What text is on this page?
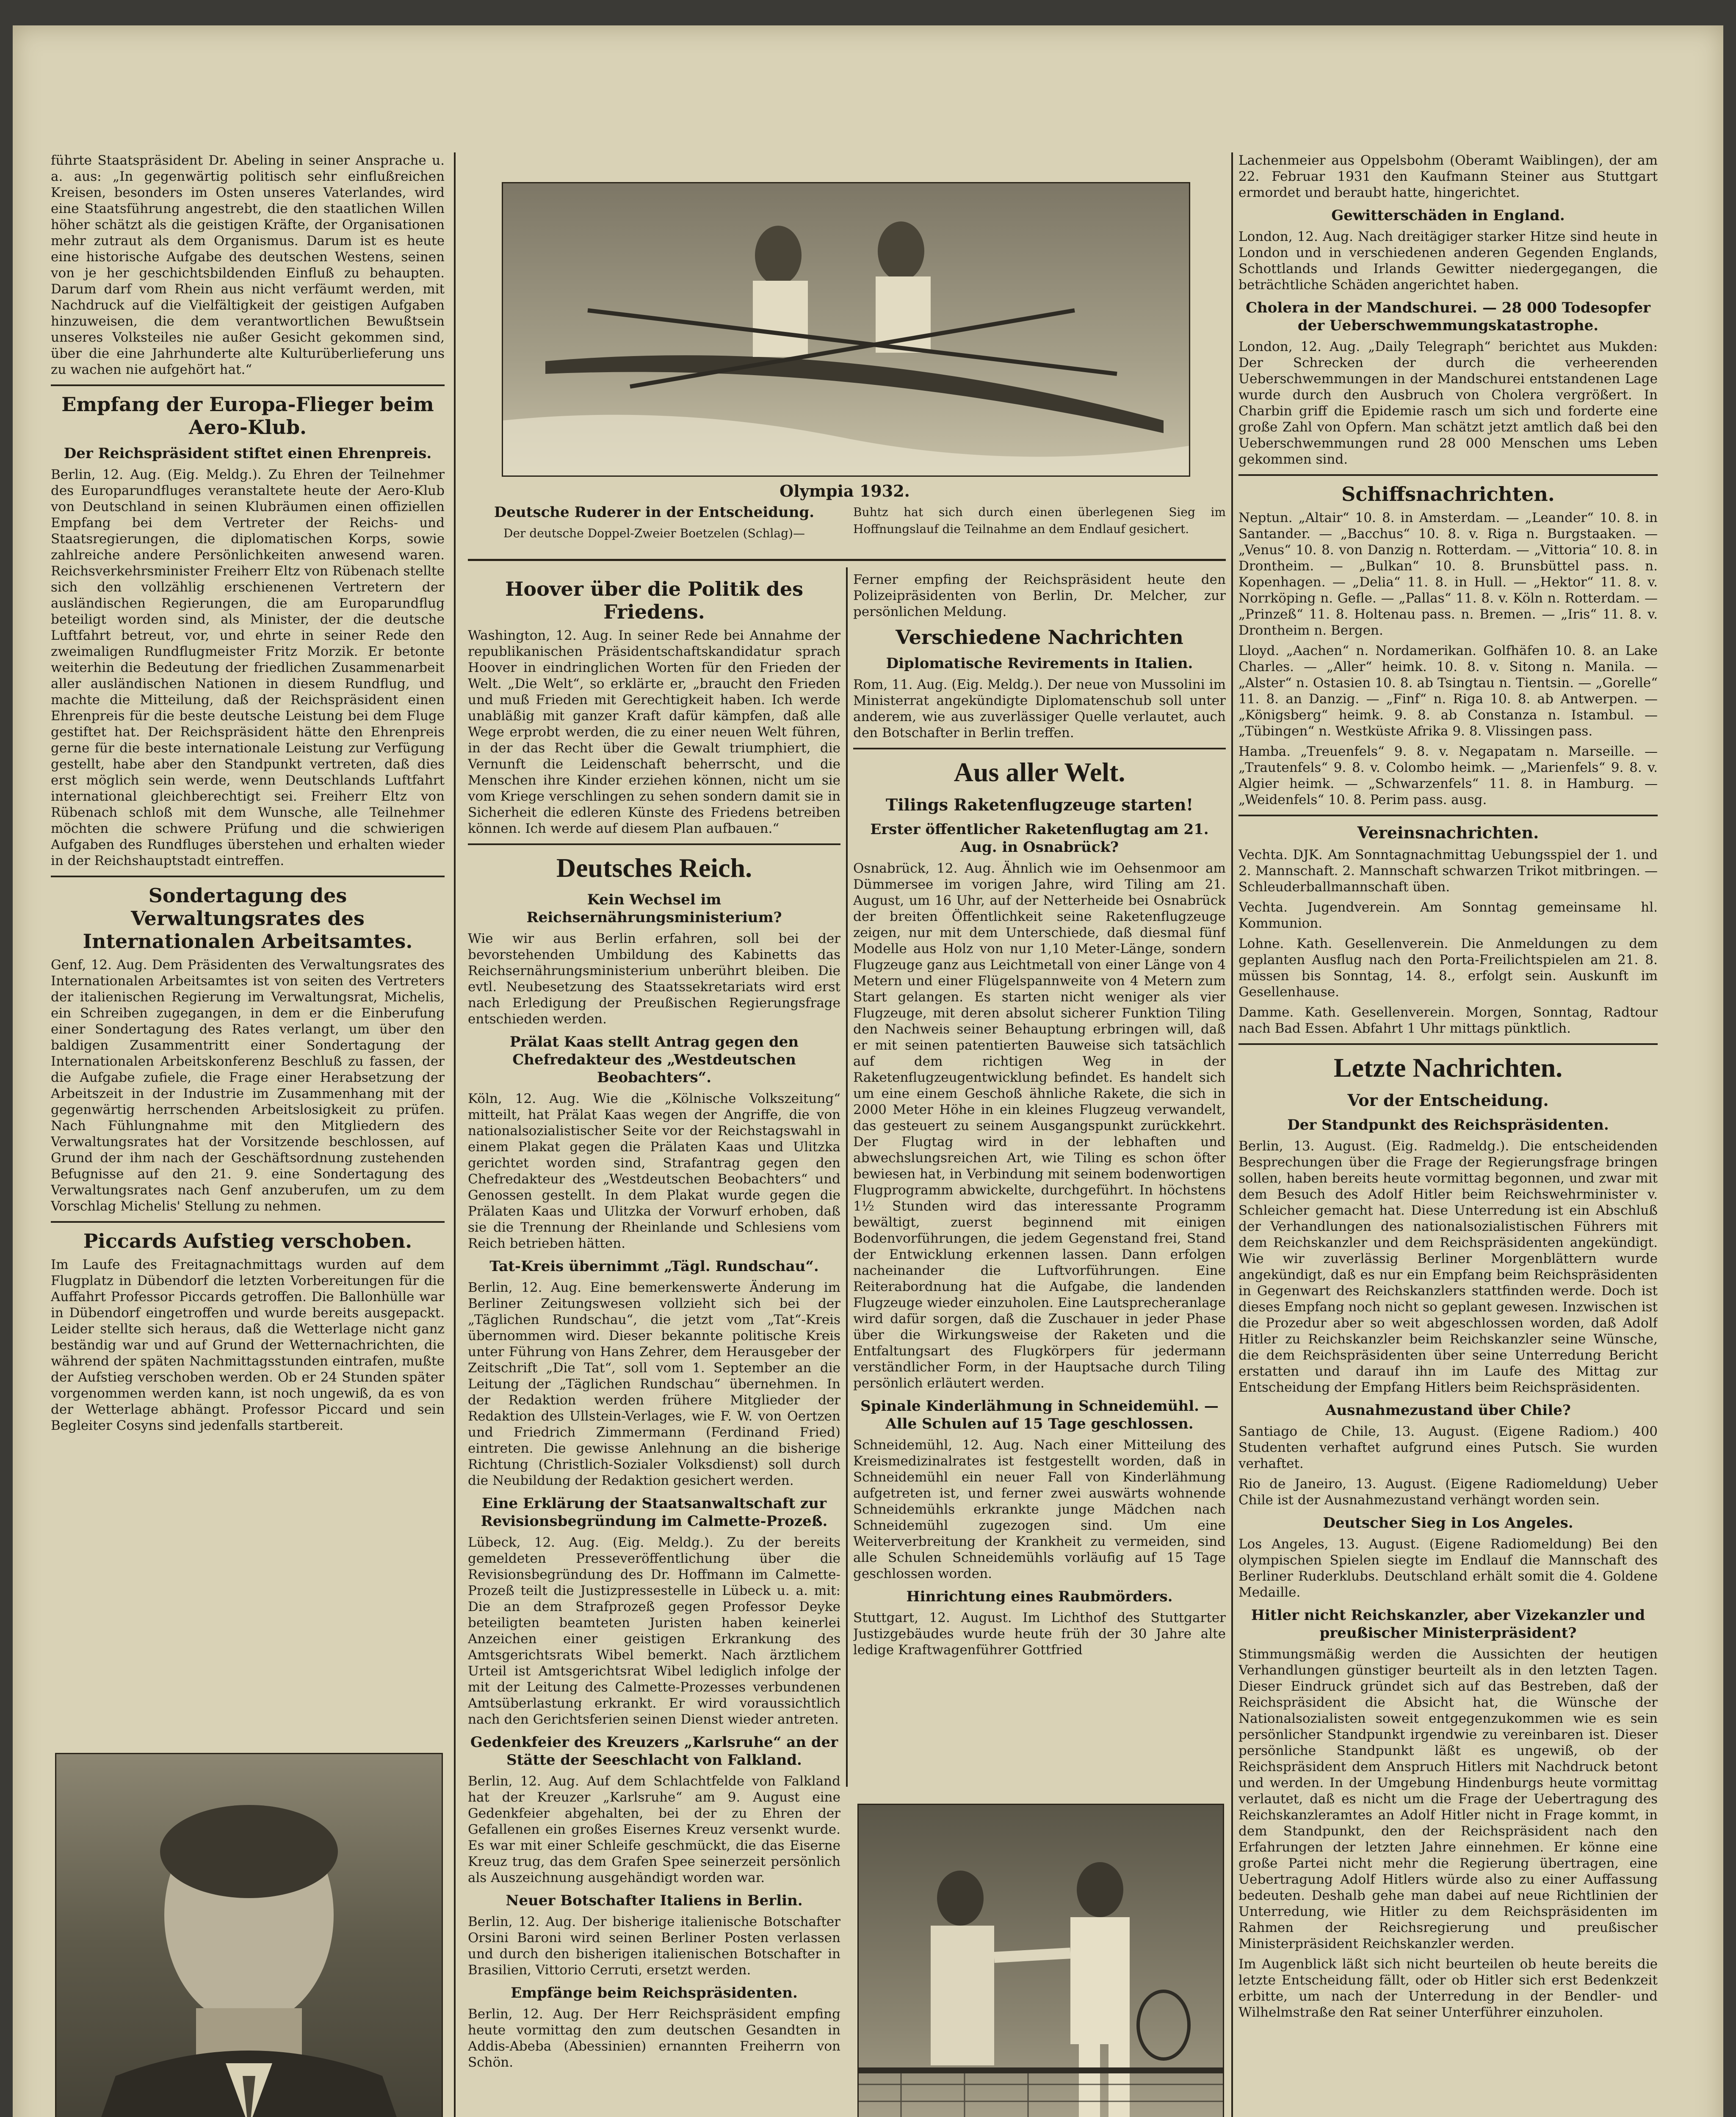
führte Staatspräsident Dr. Abeling in seiner Ansprache u. a. aus: „In gegenwärtig politisch sehr einflußreichen Kreisen, besonders im Osten unseres Vaterlandes, wird eine Staatsführung angestrebt, die den staatlichen Willen höher schätzt als die geistigen Kräfte, der Organisationen mehr zutraut als dem Organismus. Darum ist es heute eine historische Aufgabe des deutschen Westens, seinen von je her geschichtsbildenden Einfluß zu behaupten. Darum darf vom Rhein aus nicht verfäumt werden, mit Nachdruck auf die Vielfältigkeit der geistigen Aufgaben hinzuweisen, die dem verantwortlichen Bewußtsein unseres Volksteiles nie außer Gesicht gekommen sind, über die eine Jahrhunderte alte Kulturüberlieferung uns zu wachen nie aufgehört hat.“

Empfang der Europa-Flieger beim Aero-Klub.
Der Reichspräsident stiftet einen Ehrenpreis.

Berlin, 12. Aug. (Eig. Meldg.). Zu Ehren der Teilnehmer des Europarundfluges veranstaltete heute der Aero-Klub von Deutschland in seinen Klubräumen einen offiziellen Empfang bei dem Vertreter der Reichs- und Staatsregierungen, die diplomatischen Korps, sowie zahlreiche andere Persönlichkeiten anwesend waren. Reichsverkehrsminister Freiherr Eltz von Rübenach stellte sich den vollzählig erschienenen Vertretern der ausländischen Regierungen, die am Europarundflug beteiligt worden sind, als Minister, der die deutsche Luftfahrt betreut, vor, und ehrte in seiner Rede den zweimaligen Rundflugmeister Fritz Morzik. Er betonte weiterhin die Bedeutung der friedlichen Zusammenarbeit aller ausländischen Nationen in diesem Rundflug, und machte die Mitteilung, daß der Reichspräsident einen Ehrenpreis für die beste deutsche Leistung bei dem Fluge gestiftet hat. Der Reichspräsident hätte den Ehrenpreis gerne für die beste internationale Leistung zur Verfügung gestellt, habe aber den Standpunkt vertreten, daß dies erst möglich sein werde, wenn Deutschlands Luftfahrt international gleichberechtigt sei. Freiherr Eltz von Rübenach schloß mit dem Wunsche, alle Teilnehmer möchten die schwere Prüfung und die schwierigen Aufgaben des Rundfluges überstehen und erhalten wieder in der Reichshauptstadt eintreffen.

Sondertagung des Verwaltungsrates des Internationalen Arbeitsamtes.

Genf, 12. Aug. Dem Präsidenten des Verwaltungsrates des Internationalen Arbeitsamtes ist von seiten des Vertreters der italienischen Regierung im Verwaltungsrat, Michelis, ein Schreiben zugegangen, in dem er die Einberufung einer Sondertagung des Rates verlangt, um über den baldigen Zusammentritt einer Sondertagung der Internationalen Arbeitskonferenz Beschluß zu fassen, der die Aufgabe zufiele, die Frage einer Herabsetzung der Arbeitszeit in der Industrie im Zusammenhang mit der gegenwärtig herrschenden Arbeitslosigkeit zu prüfen. Nach Fühlungnahme mit den Mitgliedern des Verwaltungsrates hat der Vorsitzende beschlossen, auf Grund der ihm nach der Geschäftsordnung zustehenden Befugnisse auf den 21. 9. eine Sondertagung des Verwaltungsrates nach Genf anzuberufen, um zu dem Vorschlag Michelis' Stellung zu nehmen.

Piccards Aufstieg verschoben.

Im Laufe des Freitagnachmittags wurden auf dem Flugplatz in Dübendorf die letzten Vorbereitungen für die Auffahrt Professor Piccards getroffen. Die Ballonhülle war in Dübendorf eingetroffen und wurde bereits ausgepackt. Leider stellte sich heraus, daß die Wetterlage nicht ganz beständig war und auf Grund der Wetternachrichten, die während der späten Nachmittagsstunden eintrafen, mußte der Aufstieg verschoben werden. Ob er 24 Stunden später vorgenommen werden kann, ist noch ungewiß, da es von der Wetterlage abhängt. Professor Piccard und sein Begleiter Cosyns sind jedenfalls startbereit.

Olympia 1932.
Deutsche Ruderer in der Entscheidung.
Der deutsche Doppel-Zweier Boetzelen (Schlag)—
Buhtz hat sich durch einen überlegenen Sieg im Hoffnungslauf die Teilnahme an dem Endlauf gesichert.
Hoover über die Politik des Friedens.

Washington, 12. Aug. In seiner Rede bei Annahme der republikanischen Präsidentschaftskandidatur sprach Hoover in eindringlichen Worten für den Frieden der Welt. „Die Welt“, so erklärte er, „braucht den Frieden und muß Frieden mit Gerechtigkeit haben. Ich werde unabläßig mit ganzer Kraft dafür kämpfen, daß alle Wege erprobt werden, die zu einer neuen Welt führen, in der das Recht über die Gewalt triumphiert, die Vernunft die Leidenschaft beherrscht, und die Menschen ihre Kinder erziehen können, nicht um sie vom Kriege verschlingen zu sehen sondern damit sie in Sicherheit die edleren Künste des Friedens betreiben können. Ich werde auf diesem Plan aufbauen.“

Deutsches Reich.
Kein Wechsel im Reichsernährungsministerium?

Wie wir aus Berlin erfahren, soll bei der bevorstehenden Umbildung des Kabinetts das Reichsernährungsministerium unberührt bleiben. Die evtl. Neubesetzung des Staatssekretariats wird erst nach Erledigung der Preußischen Regierungsfrage entschieden werden.

Prälat Kaas stellt Antrag gegen den Chefredakteur des „Westdeutschen Beobachters“.

Köln, 12. Aug. Wie die „Kölnische Volkszeitung“ mitteilt, hat Prälat Kaas wegen der Angriffe, die von nationalsozialistischer Seite vor der Reichstagswahl in einem Plakat gegen die Prälaten Kaas und Ulitzka gerichtet worden sind, Strafantrag gegen den Chefredakteur des „Westdeutschen Beobachters“ und Genossen gestellt. In dem Plakat wurde gegen die Prälaten Kaas und Ulitzka der Vorwurf erhoben, daß sie die Trennung der Rheinlande und Schlesiens vom Reich betrieben hätten.

Tat-Kreis übernimmt „Tägl. Rundschau“.

Berlin, 12. Aug. Eine bemerkenswerte Änderung im Berliner Zeitungswesen vollzieht sich bei der „Täglichen Rundschau“, die jetzt vom „Tat“-Kreis übernommen wird. Dieser bekannte politische Kreis unter Führung von Hans Zehrer, dem Herausgeber der Zeitschrift „Die Tat“, soll vom 1. September an die Leitung der „Täglichen Rundschau“ übernehmen. In der Redaktion werden frühere Mitglieder der Redaktion des Ullstein-Verlages, wie F. W. von Oertzen und Friedrich Zimmermann (Ferdinand Fried) eintreten. Die gewisse Anlehnung an die bisherige Richtung (Christlich-Sozialer Volksdienst) soll durch die Neubildung der Redaktion gesichert werden.

Eine Erklärung der Staatsanwaltschaft zur Revisionsbegründung im Calmette-Prozeß.

Lübeck, 12. Aug. (Eig. Meldg.). Zu der bereits gemeldeten Presseveröffentlichung über die Revisionsbegründung des Dr. Hoffmann im Calmette-Prozeß teilt die Justizpressestelle in Lübeck u. a. mit: Die an dem Strafprozeß gegen Professor Deyke beteiligten beamteten Juristen haben keinerlei Anzeichen einer geistigen Erkrankung des Amtsgerichtsrats Wibel bemerkt. Nach ärztlichem Urteil ist Amtsgerichtsrat Wibel lediglich infolge der mit der Leitung des Calmette-Prozesses verbundenen Amtsüberlastung erkrankt. Er wird voraussichtlich nach den Gerichtsferien seinen Dienst wieder antreten.

Gedenkfeier des Kreuzers „Karlsruhe“ an der Stätte der Seeschlacht von Falkland.

Berlin, 12. Aug. Auf dem Schlachtfelde von Falkland hat der Kreuzer „Karlsruhe“ am 9. August eine Gedenkfeier abgehalten, bei der zu Ehren der Gefallenen ein großes Eisernes Kreuz versenkt wurde. Es war mit einer Schleife geschmückt, die das Eiserne Kreuz trug, das dem Grafen Spee seinerzeit persönlich als Auszeichnung ausgehändigt worden war.

Neuer Botschafter Italiens in Berlin.

Berlin, 12. Aug. Der bisherige italienische Botschafter Orsini Baroni wird seinen Berliner Posten verlassen und durch den bisherigen italienischen Botschafter in Brasilien, Vittorio Cerruti, ersetzt werden.

Empfänge beim Reichspräsidenten.

Berlin, 12. Aug. Der Herr Reichspräsident empfing heute vormittag den zum deutschen Gesandten in Addis-Abeba (Abessinien) ernannten Freiherrn von Schön.

Ferner empfing der Reichspräsident heute den Polizeipräsidenten von Berlin, Dr. Melcher, zur persönlichen Meldung.

Verschiedene Nachrichten
Diplomatische Revirements in Italien.

Rom, 11. Aug. (Eig. Meldg.). Der neue von Mussolini im Ministerrat angekündigte Diplomatenschub soll unter anderem, wie aus zuverlässiger Quelle verlautet, auch den Botschafter in Berlin treffen.

Aus aller Welt.
Tilings Raketenflugzeuge starten!
Erster öffentlicher Raketenflugtag am 21. Aug. in Osnabrück?

Osnabrück, 12. Aug. Ähnlich wie im Oehsenmoor am Dümmersee im vorigen Jahre, wird Tiling am 21. August, um 16 Uhr, auf der Netterheide bei Osnabrück der breiten Öffentlichkeit seine Raketenflugzeuge zeigen, nur mit dem Unterschiede, daß diesmal fünf Modelle aus Holz von nur 1,10 Meter-Länge, sondern Flugzeuge ganz aus Leichtmetall von einer Länge von 4 Metern und einer Flügelspannweite von 4 Metern zum Start gelangen. Es starten nicht weniger als vier Flugzeuge, mit deren absolut sicherer Funktion Tiling den Nachweis seiner Behauptung erbringen will, daß er mit seinen patentierten Bauweise sich tatsächlich auf dem richtigen Weg in der Raketenflugzeugentwicklung befindet. Es handelt sich um eine einem Geschoß ähnliche Rakete, die sich in 2000 Meter Höhe in ein kleines Flugzeug verwandelt, das gesteuert zu seinem Ausgangspunkt zurückkehrt. Der Flugtag wird in der lebhaften und abwechslungsreichen Art, wie Tiling es schon öfter bewiesen hat, in Verbindung mit seinem bodenwortigen Flugprogramm abwickelte, durchgeführt. In höchstens 1½ Stunden wird das interessante Programm bewältigt, zuerst beginnend mit einigen Bodenvorführungen, die jedem Gegenstand frei, Stand der Entwicklung erkennen lassen. Dann erfolgen nacheinander die Luftvorführungen. Eine Reiterabordnung hat die Aufgabe, die landenden Flugzeuge wieder einzuholen. Eine Lautsprecheranlage wird dafür sorgen, daß die Zuschauer in jeder Phase über die Wirkungsweise der Raketen und die Entfaltungsart des Flugkörpers für jedermann verständlicher Form, in der Hauptsache durch Tiling persönlich erläutert werden.

Spinale Kinderlähmung in Schneidemühl. — Alle Schulen auf 15 Tage geschlossen.

Schneidemühl, 12. Aug. Nach einer Mitteilung des Kreismedizinalrates ist festgestellt worden, daß in Schneidemühl ein neuer Fall von Kinderlähmung aufgetreten ist, und ferner zwei auswärts wohnende Schneidemühls erkrankte junge Mädchen nach Schneidemühl zugezogen sind. Um eine Weiterverbreitung der Krankheit zu vermeiden, sind alle Schulen Schneidemühls vorläufig auf 15 Tage geschlossen worden.

Hinrichtung eines Raubmörders.

Stuttgart, 12. August. Im Lichthof des Stuttgarter Justizgebäudes wurde heute früh der 30 Jahre alte ledige Kraftwagenführer Gottfried

Lachenmeier aus Oppelsbohm (Oberamt Waiblingen), der am 22. Februar 1931 den Kaufmann Steiner aus Stuttgart ermordet und beraubt hatte, hingerichtet.

Gewitterschäden in England.

London, 12. Aug. Nach dreitägiger starker Hitze sind heute in London und in verschiedenen anderen Gegenden Englands, Schottlands und Irlands Gewitter niedergegangen, die beträchtliche Schäden angerichtet haben.

Cholera in der Mandschurei. — 28 000 Todesopfer der Ueberschwemmungskatastrophe.

London, 12. Aug. „Daily Telegraph“ berichtet aus Mukden: Der Schrecken der durch die verheerenden Ueberschwemmungen in der Mandschurei entstandenen Lage wurde durch den Ausbruch von Cholera vergrößert. In Charbin griff die Epidemie rasch um sich und forderte eine große Zahl von Opfern. Man schätzt jetzt amtlich daß bei den Ueberschwemmungen rund 28 000 Menschen ums Leben gekommen sind.

Schiffsnachrichten.

Neptun. „Altair“ 10. 8. in Amsterdam. — „Leander“ 10. 8. in Santander. — „Bacchus“ 10. 8. v. Riga n. Burgstaaken. — „Venus“ 10. 8. von Danzig n. Rotterdam. — „Vittoria“ 10. 8. in Drontheim. — „Bulkan“ 10. 8. Brunsbüttel pass. n. Kopenhagen. — „Delia“ 11. 8. in Hull. — „Hektor“ 11. 8. v. Norrköping n. Gefle. — „Pallas“ 11. 8. v. Köln n. Rotterdam. — „Prinzeß“ 11. 8. Holtenau pass. n. Bremen. — „Iris“ 11. 8. v. Drontheim n. Bergen.

Lloyd. „Aachen“ n. Nordamerikan. Golfhäfen 10. 8. an Lake Charles. — „Aller“ heimk. 10. 8. v. Sitong n. Manila. — „Alster“ n. Ostasien 10. 8. ab Tsingtau n. Tientsin. — „Gorelle“ 11. 8. an Danzig. — „Finf“ n. Riga 10. 8. ab Antwerpen. — „Königsberg“ heimk. 9. 8. ab Constanza n. Istambul. — „Tübingen“ n. Westküste Afrika 9. 8. Vlissingen pass.

Hamba. „Treuenfels“ 9. 8. v. Negapatam n. Marseille. — „Trautenfels“ 9. 8. v. Colombo heimk. — „Marienfels“ 9. 8. v. Algier heimk. — „Schwarzenfels“ 11. 8. in Hamburg. — „Weidenfels“ 10. 8. Perim pass. ausg.

Vereinsnachrichten.

Vechta. DJK. Am Sonntagnachmittag Uebungsspiel der 1. und 2. Mannschaft. 2. Mannschaft schwarzen Trikot mitbringen. — Schleuderballmannschaft üben.

Vechta. Jugendverein. Am Sonntag gemeinsame hl. Kommunion.

Lohne. Kath. Gesellenverein. Die Anmeldungen zu dem geplanten Ausflug nach den Porta-Freilichtspielen am 21. 8. müssen bis Sonntag, 14. 8., erfolgt sein. Auskunft im Gesellenhause.

Damme. Kath. Gesellenverein. Morgen, Sonntag, Radtour nach Bad Essen. Abfahrt 1 Uhr mittags pünktlich.

Letzte Nachrichten.
Vor der Entscheidung.
Der Standpunkt des Reichspräsidenten.

Berlin, 13. August. (Eig. Radmeldg.). Die entscheidenden Besprechungen über die Frage der Regierungsfrage bringen sollen, haben bereits heute vormittag begonnen, und zwar mit dem Besuch des Adolf Hitler beim Reichswehrminister v. Schleicher gemacht hat. Diese Unterredung ist ein Abschluß der Verhandlungen des nationalsozialistischen Führers mit dem Reichskanzler und dem Reichspräsidenten angekündigt. Wie wir zuverlässig Berliner Morgenblättern wurde angekündigt, daß es nur ein Empfang beim Reichspräsidenten in Gegenwart des Reichskanzlers stattfinden werde. Doch ist dieses Empfang noch nicht so geplant gewesen. Inzwischen ist die Prozedur aber so weit abgeschlossen worden, daß Adolf Hitler zu Reichskanzler beim Reichskanzler seine Wünsche, die dem Reichspräsidenten über seine Unterredung Bericht erstatten und darauf ihn im Laufe des Mittag zur Entscheidung der Empfang Hitlers beim Reichspräsidenten.

Ausnahmezustand über Chile?

Santiago de Chile, 13. August. (Eigene Radiom.) 400 Studenten verhaftet aufgrund eines Putsch. Sie wurden verhaftet.

Rio de Janeiro, 13. August. (Eigene Radiomeldung) Ueber Chile ist der Ausnahmezustand verhängt worden sein.

Deutscher Sieg in Los Angeles.

Los Angeles, 13. August. (Eigene Radiomeldung) Bei den olympischen Spielen siegte im Endlauf die Mannschaft des Berliner Ruderklubs. Deutschland erhält somit die 4. Goldene Medaille.

Hitler nicht Reichskanzler, aber Vizekanzler und preußischer Ministerpräsident?

Stimmungsmäßig werden die Aussichten der heutigen Verhandlungen günstiger beurteilt als in den letzten Tagen. Dieser Eindruck gründet sich auf das Bestreben, daß der Reichspräsident die Absicht hat, die Wünsche der Nationalsozialisten soweit entgegenzukommen wie es sein persönlicher Standpunkt irgendwie zu vereinbaren ist. Dieser persönliche Standpunkt läßt es ungewiß, ob der Reichspräsident dem Anspruch Hitlers mit Nachdruck betont und werden. In der Umgebung Hindenburgs heute vormittag verlautet, daß es nicht um die Frage der Uebertragung des Reichskanzleramtes an Adolf Hitler nicht in Frage kommt, in dem Standpunkt, den der Reichspräsident nach den Erfahrungen der letzten Jahre einnehmen. Er könne eine große Partei nicht mehr die Regierung übertragen, eine Uebertragung Adolf Hitlers würde also zu einer Auffassung bedeuten. Deshalb gehe man dabei auf neue Richtlinien der Unterredung, wie Hitler zu dem Reichspräsidenten im Rahmen der Reichsregierung und preußischer Ministerpräsident Reichskanzler werden.

Im Augenblick läßt sich nicht beurteilen ob heute bereits die letzte Entscheidung fällt, oder ob Hitler sich erst Bedenkzeit erbitte, um nach der Unterredung in der Bendler- und Wilhelmstraße den Rat seiner Unterführer einzuholen.
